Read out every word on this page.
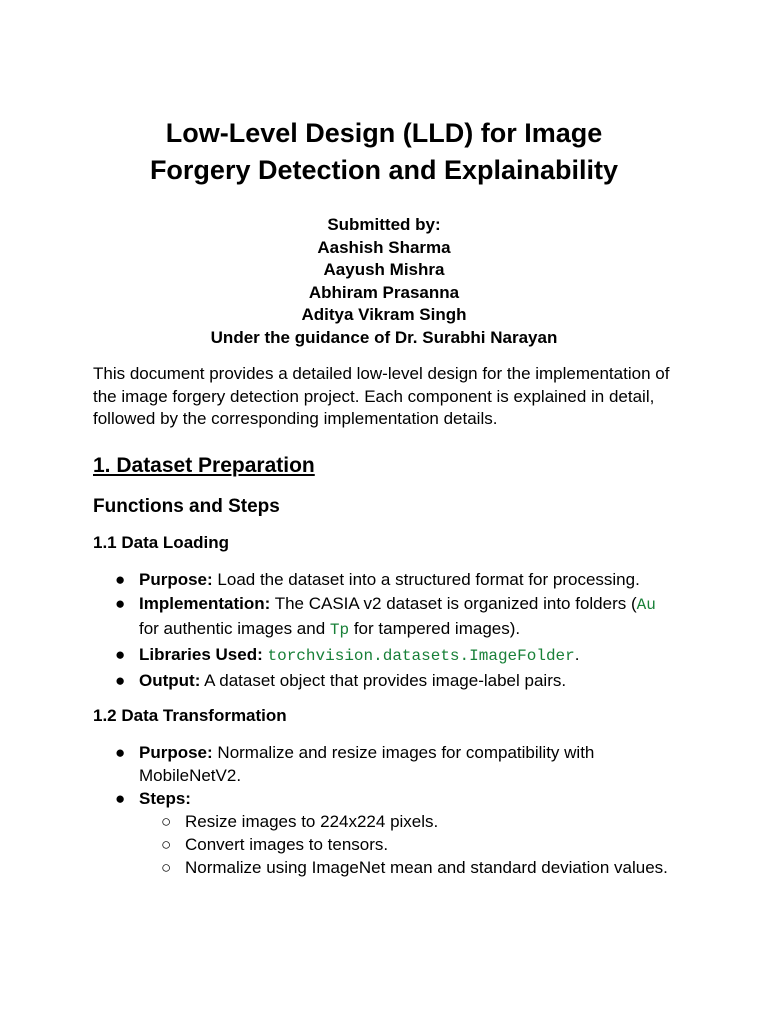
Low-Level Design (LLD) for Image
Forgery Detection and Explainability
Submitted by:
Aashish Sharma
Aayush Mishra
Abhiram Prasanna
Aditya Vikram Singh
Under the guidance of Dr. Surabhi Narayan

This document provides a detailed low-level design for the implementation of the image forgery detection project. Each component is explained in detail, followed by the corresponding implementation details.

1. Dataset Preparation
Functions and Steps
1.1 Data Loading
● Purpose: Load the dataset into a structured format for processing.
● Implementation: The CASIA v2 dataset is organized into folders (Au for authentic images and Tp for tampered images).
● Libraries Used: torchvision.datasets.ImageFolder.
● Output: A dataset object that provides image-label pairs.
1.2 Data Transformation
● Purpose: Normalize and resize images for compatibility with MobileNetV2.
● Steps:
○ Resize images to 224x224 pixels.
○ Convert images to tensors.
○ Normalize using ImageNet mean and standard deviation values.
